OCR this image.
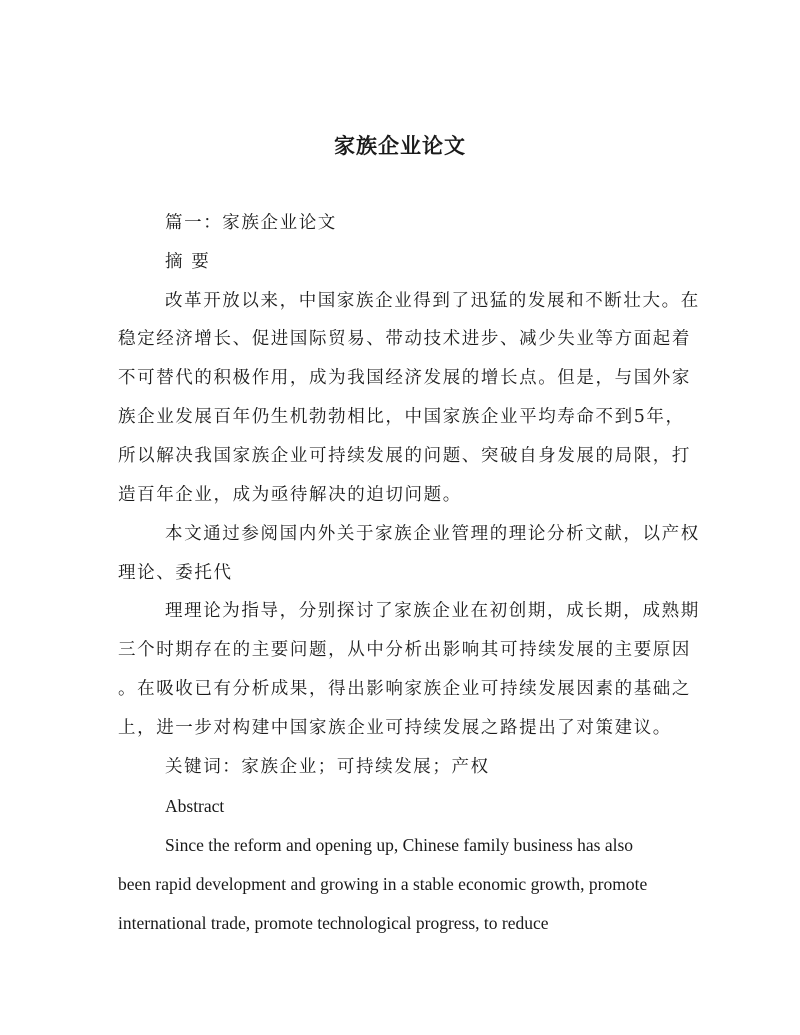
家族企业论文
篇一：家族企业论文
摘 要
改革开放以来，中国家族企业得到了迅猛的发展和不断壮大。在
稳定经济增长、促进国际贸易、带动技术进步、减少失业等方面起着
不可替代的积极作用，成为我国经济发展的增长点。但是，与国外家
族企业发展百年仍生机勃勃相比，中国家族企业平均寿命不到5年，
所以解决我国家族企业可持续发展的问题、突破自身发展的局限，打
造百年企业，成为亟待解决的迫切问题。
本文通过参阅国内外关于家族企业管理的理论分析文献，以产权
理论、委托代
理理论为指导，分别探讨了家族企业在初创期，成长期，成熟期
三个时期存在的主要问题，从中分析出影响其可持续发展的主要原因
。在吸收已有分析成果，得出影响家族企业可持续发展因素的基础之
上，进一步对构建中国家族企业可持续发展之路提出了对策建议。
关键词：家族企业；可持续发展；产权
Abstract
Since the reform and opening up, Chinese family business has also
been rapid development and growing in a stable economic growth, promote
international trade, promote technological progress, to reduce
